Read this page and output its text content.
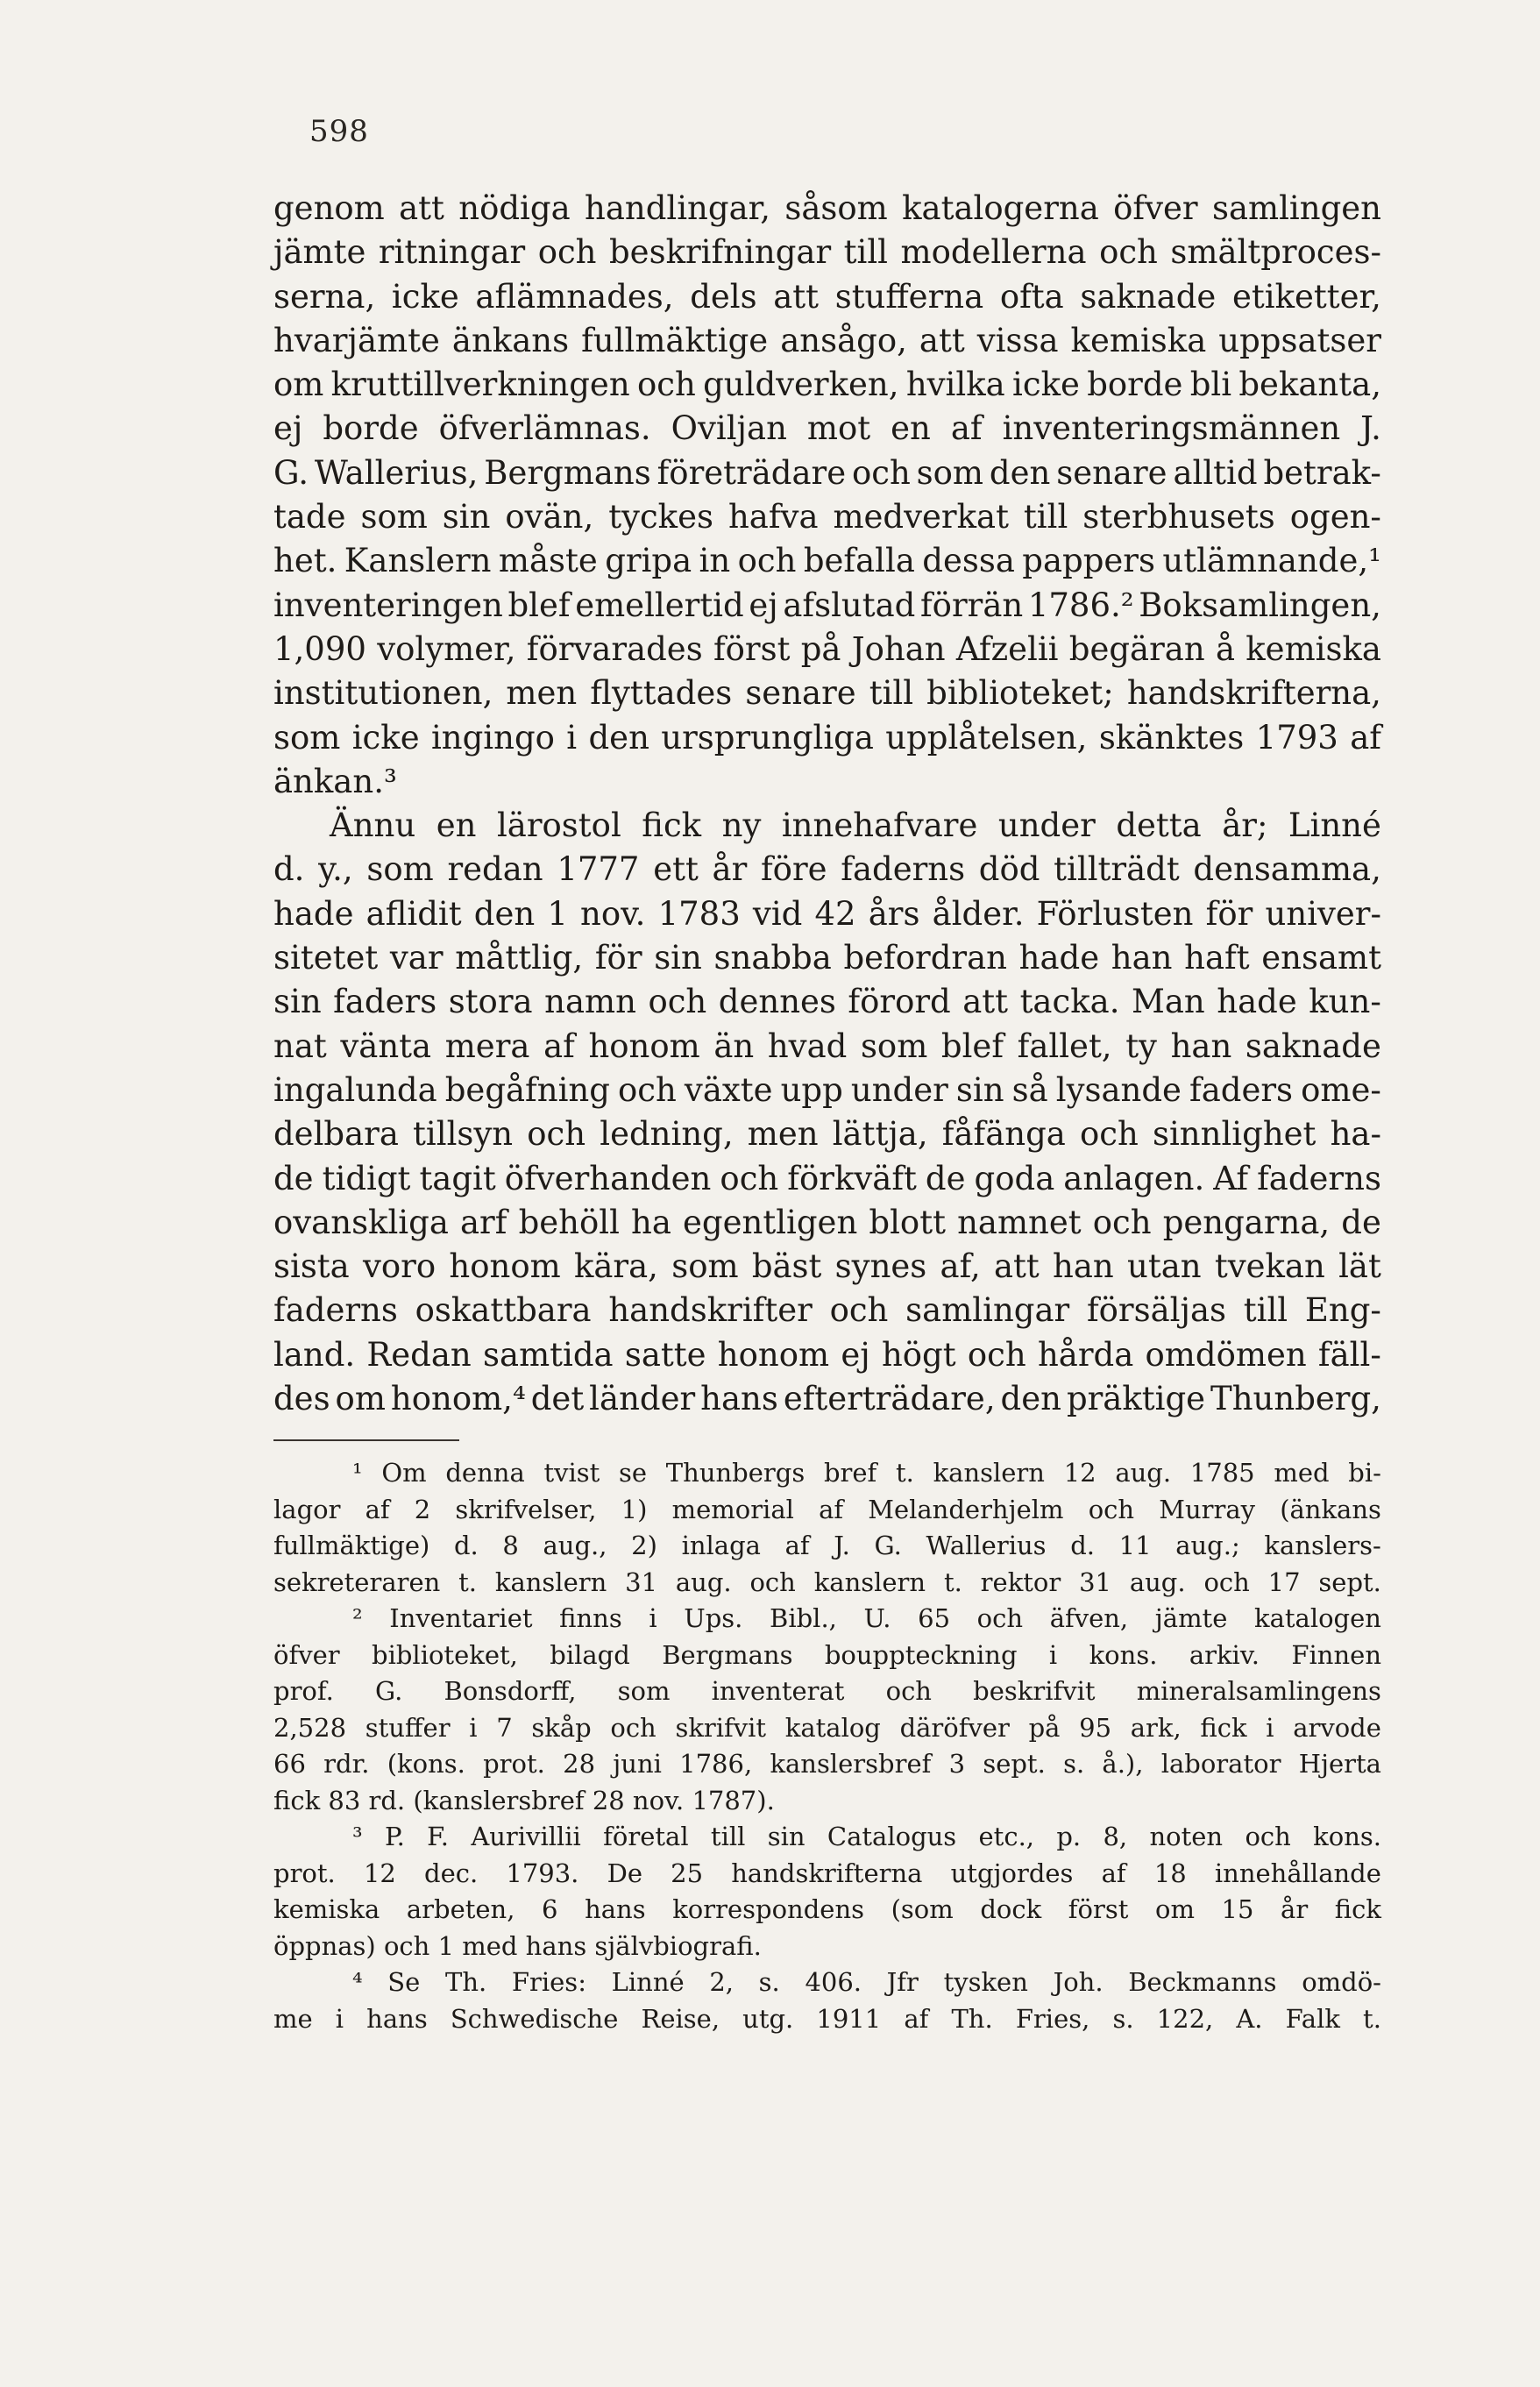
598
genom att nödiga handlingar, såsom katalogerna öfver samlingen
jämte ritningar och beskrifningar till modellerna och smältproces-
serna, icke aflämnades, dels att stufferna ofta saknade etiketter,
hvarjämte änkans fullmäktige ansågo, att vissa kemiska uppsatser
om kruttillverkningen och guldverken, hvilka icke borde bli bekanta,
ej borde öfverlämnas. Oviljan mot en af inventeringsmännen J.
G. Wallerius, Bergmans företrädare och som den senare alltid betrak-
tade som sin ovän, tyckes hafva medverkat till sterbhusets ogen-
het. Kanslern måste gripa in och befalla dessa pappers utlämnande,¹
inventeringen blef emellertid ej afslutad förrän 1786.² Boksamlingen,
1,090 volymer, förvarades först på Johan Afzelii begäran å kemiska
institutionen, men flyttades senare till biblioteket; handskrifterna,
som icke ingingo i den ursprungliga upplåtelsen, skänktes 1793 af
änkan.³
Ännu en lärostol fick ny innehafvare under detta år; Linné
d. y., som redan 1777 ett år före faderns död tillträdt densamma,
hade aflidit den 1 nov. 1783 vid 42 års ålder. Förlusten för univer-
sitetet var måttlig, för sin snabba befordran hade han haft ensamt
sin faders stora namn och dennes förord att tacka. Man hade kun-
nat vänta mera af honom än hvad som blef fallet, ty han saknade
ingalunda begåfning och växte upp under sin så lysande faders ome-
delbara tillsyn och ledning, men lättja, fåfänga och sinnlighet ha-
de tidigt tagit öfverhanden och förkväft de goda anlagen. Af faderns
ovanskliga arf behöll ha egentligen blott namnet och pengarna, de
sista voro honom kära, som bäst synes af, att han utan tvekan lät
faderns oskattbara handskrifter och samlingar försäljas till Eng-
land. Redan samtida satte honom ej högt och hårda omdömen fäll-
des om honom,⁴ det länder hans efterträdare, den präktige Thunberg,
¹ Om denna tvist se Thunbergs bref t. kanslern 12 aug. 1785 med bi-
lagor af 2 skrifvelser, 1) memorial af Melanderhjelm och Murray (änkans
fullmäktige) d. 8 aug., 2) inlaga af J. G. Wallerius d. 11 aug.; kanslers-
sekreteraren t. kanslern 31 aug. och kanslern t. rektor 31 aug. och 17 sept.
² Inventariet finns i Ups. Bibl., U. 65 och äfven, jämte katalogen
öfver biblioteket, bilagd Bergmans bouppteckning i kons. arkiv. Finnen
prof. G. Bonsdorff, som inventerat och beskrifvit mineralsamlingens
2,528 stuffer i 7 skåp och skrifvit katalog däröfver på 95 ark, fick i arvode
66 rdr. (kons. prot. 28 juni 1786, kanslersbref 3 sept. s. å.), laborator Hjerta
fick 83 rd. (kanslersbref 28 nov. 1787).
³ P. F. Aurivillii företal till sin Catalogus etc., p. 8, noten och kons.
prot. 12 dec. 1793. De 25 handskrifterna utgjordes af 18 innehållande
kemiska arbeten, 6 hans korrespondens (som dock först om 15 år fick
öppnas) och 1 med hans självbiografi.
⁴ Se Th. Fries: Linné 2, s. 406. Jfr tysken Joh. Beckmanns omdö-
me i hans Schwedische Reise, utg. 1911 af Th. Fries, s. 122, A. Falk t.
